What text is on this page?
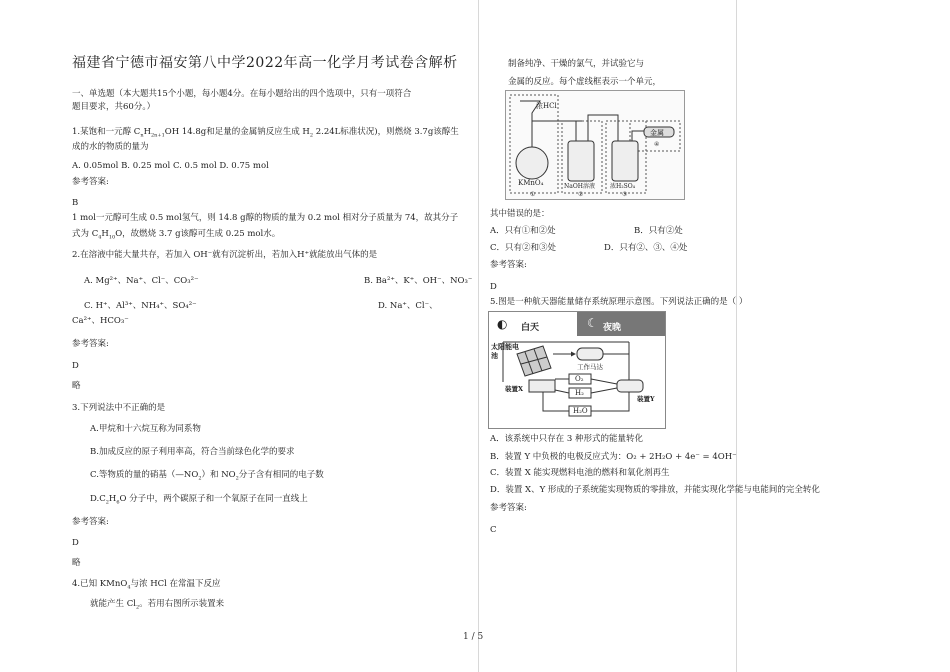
福建省宁德市福安第八中学2022年高一化学月考试卷含解析
一、单选题（本大题共15个小题，每小题4分。在每小题给出的四个选项中，只有一项符合
题目要求，共60分。）
1.某饱和一元醇 $C_nH_{2n+1}OH$ 14.8g和足量的金属钠反应生成 $H_2$ 2.24L标准状况)，则燃烧 3.7g该醇生
成的水的物质的量为
A. 0.05mol B. 0.25 mol C. 0.5 mol D. 0.75 mol
参考答案:
B
1 mol一元醇可生成 0.5 mol氢气，则 14.8 g醇的物质的量为 0.2 mol 相对分子质量为 74，故其分子
式为 $C_4H_{10}O$，故燃烧 3.7 g该醇可生成 0.25 mol水。
2.在溶液中能大量共存，若加入 OH⁻就有沉淀析出，若加入H⁺就能放出气体的是
A. Mg²⁺、Na⁺、Cl⁻、CO₃²⁻	B. Ba²⁺、K⁺、OH⁻、NO₃⁻
C. H⁺、Al³⁺、NH₄⁺、SO₄²⁻	D. Na⁺、Cl⁻、
Ca²⁺、HCO₃⁻
参考答案:
D
略
3.下列说法中不正确的是
A.甲烷和十六烷互称为同系物
B.加成反应的原子利用率高，符合当前绿色化学的要求
C.等物质的量的硝基$(—NO_2)$和 $NO_2$分子含有相同的电子数
$D.C_2H_6O$ 分子中，两个碳原子和一个氧原子在同一直线上
参考答案:
D
略
4.已知 KMnO$_4$与浓 HCl 在常温下反应
就能产生 $Cl_2$。若用右图所示装置来
制备纯净、干燥的氯气，并试验它与
金属的反应。每个虚线框表示一个单元，
浓HCl
KMnO₄	NaOH溶液	浓H₂SO₄
金属
①	②	③
④
其中错误的是：
A．只有①和②处	B．只有②处
C．只有②和③处	D．只有②、③、④处
参考答案:
D
5.图是一种航天器能量储存系统原理示意图。下列说法正确的是（ ）
◐ 白天	☾ 夜晚
太阳能电池
工作马达
装置X
装置Y
O₂
H₂
H₂O
A．该系统中只存在 3 种形式的能量转化
B．装置 Y 中负极的电极反应式为：O₂ + 2H₂O + 4e⁻ = 4OH⁻
C．装置 X 能实现燃料电池的燃料和氧化剂再生
D．装置 X、Y 形成的子系统能实现物质的零排放，并能实现化学能与电能间的完全转化
参考答案:
C
1 / 5
